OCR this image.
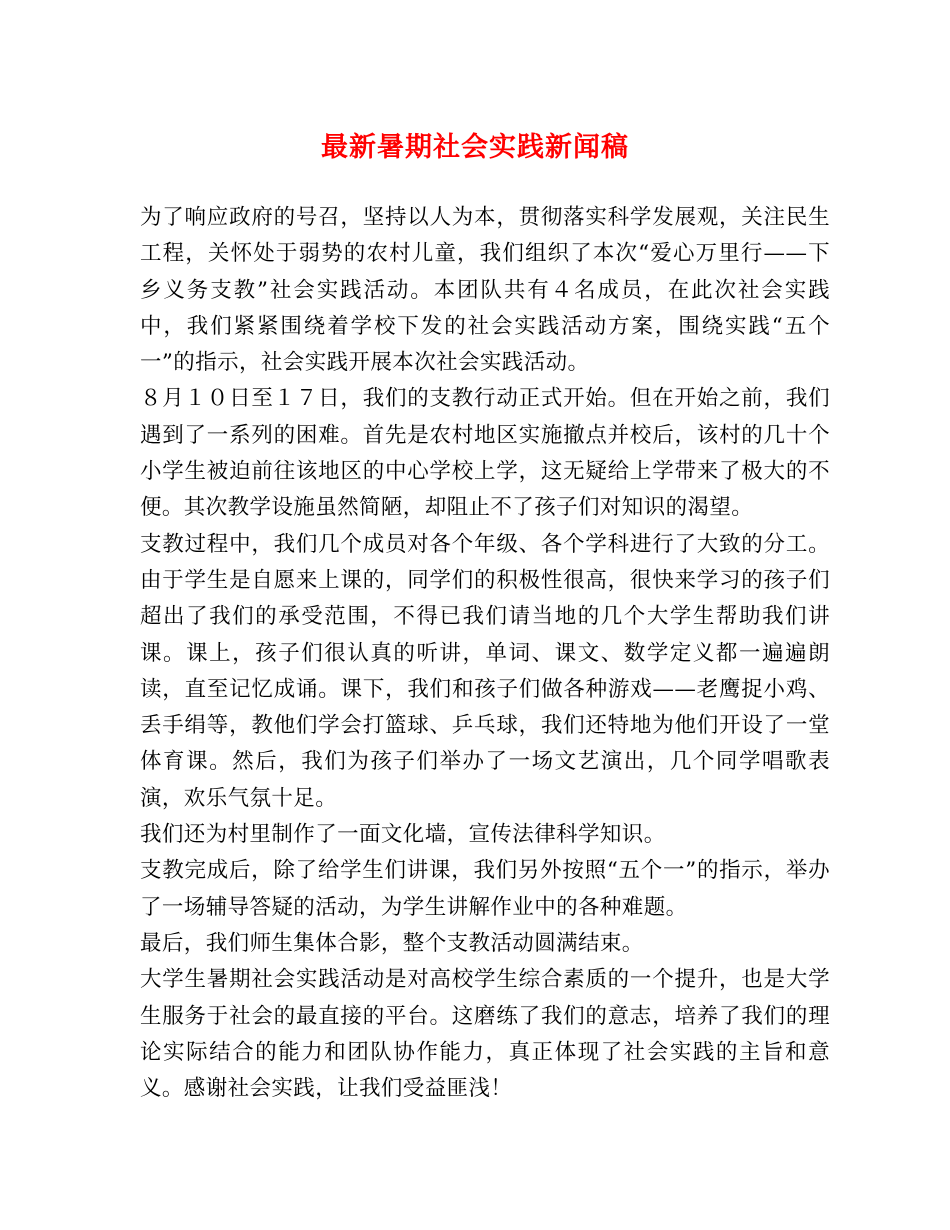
最新暑期社会实践新闻稿

为了响应政府的号召，坚持以人为本，贯彻落实科学发展观，关注民生工程，关怀处于弱势的农村儿童，我们组织了本次“爱心万里行——下乡义务支教”社会实践活动。本团队共有４名成员，在此次社会实践中，我们紧紧围绕着学校下发的社会实践活动方案，围绕实践“五个一”的指示，社会实践开展本次社会实践活动。

８月１０日至１７日，我们的支教行动正式开始。但在开始之前，我们遇到了一系列的困难。首先是农村地区实施撤点并校后，该村的几十个小学生被迫前往该地区的中心学校上学，这无疑给上学带来了极大的不便。其次教学设施虽然简陋，却阻止不了孩子们对知识的渴望。

支教过程中，我们几个成员对各个年级、各个学科进行了大致的分工。由于学生是自愿来上课的，同学们的积极性很高，很快来学习的孩子们超出了我们的承受范围，不得已我们请当地的几个大学生帮助我们讲课。课上，孩子们很认真的听讲，单词、课文、数学定义都一遍遍朗读，直至记忆成诵。课下，我们和孩子们做各种游戏——老鹰捉小鸡、丢手绢等，教他们学会打篮球、乒乓球，我们还特地为他们开设了一堂体育课。然后，我们为孩子们举办了一场文艺演出，几个同学唱歌表演，欢乐气氛十足。

我们还为村里制作了一面文化墙，宣传法律科学知识。

支教完成后，除了给学生们讲课，我们另外按照“五个一”的指示，举办了一场辅导答疑的活动，为学生讲解作业中的各种难题。

最后，我们师生集体合影，整个支教活动圆满结束。

大学生暑期社会实践活动是对高校学生综合素质的一个提升，也是大学生服务于社会的最直接的平台。这磨练了我们的意志，培养了我们的理论实际结合的能力和团队协作能力，真正体现了社会实践的主旨和意义。感谢社会实践，让我们受益匪浅！
